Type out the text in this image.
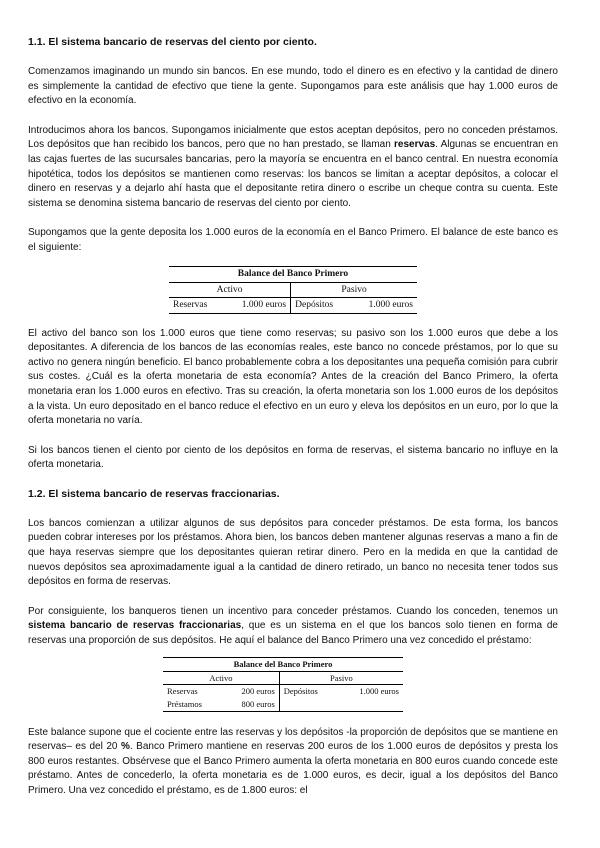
1.1. El sistema bancario de reservas del ciento por ciento.

Comenzamos imaginando un mundo sin bancos. En ese mundo, todo el dinero es en efectivo y la cantidad de dinero es simplemente la cantidad de efectivo que tiene la gente. Supongamos para este análisis que hay 1.000 euros de efectivo en la economía.

Introducimos ahora los bancos. Supongamos inicialmente que estos aceptan depósitos, pero no conceden préstamos. Los depósitos que han recibido los bancos, pero que no han prestado, se llaman reservas. Algunas se encuentran en las cajas fuertes de las sucursales bancarias, pero la mayoría se encuentra en el banco central. En nuestra economía hipotética, todos los depósitos se mantienen como reservas: los bancos se limitan a aceptar depósitos, a colocar el dinero en reservas y a dejarlo ahí hasta que el depositante retira dinero o escribe un cheque contra su cuenta. Este sistema se denomina sistema bancario de reservas del ciento por ciento.

Supongamos que la gente deposita los 1.000 euros de la economía en el Banco Primero. El balance de este banco es el siguiente:

Balance del Banco Primero
Activo		Pasivo	
Reservas	1.000 euros	Depósitos	1.000 euros

El activo del banco son los 1.000 euros que tiene como reservas; su pasivo son los 1.000 euros que debe a los depositantes. A diferencia de los bancos de las economías reales, este banco no concede préstamos, por lo que su activo no genera ningún beneficio. El banco probablemente cobra a los depositantes una pequeña comisión para cubrir sus costes. ¿Cuál es la oferta monetaria de esta economía? Antes de la creación del Banco Primero, la oferta monetaria eran los 1.000 euros en efectivo. Tras su creación, la oferta monetaria son los 1.000 euros de los depósitos a la vista. Un euro depositado en el banco reduce el efectivo en un euro y eleva los depósitos en un euro, por lo que la oferta monetaria no varía.

Si los bancos tienen el ciento por ciento de los depósitos en forma de reservas, el sistema bancario no influye en la oferta monetaria.

1.2. El sistema bancario de reservas fraccionarias.

Los bancos comienzan a utilizar algunos de sus depósitos para conceder préstamos. De esta forma, los bancos pueden cobrar intereses por los préstamos. Ahora bien, los bancos deben mantener algunas reservas a mano a fin de que haya reservas siempre que los depositantes quieran retirar dinero. Pero en la medida en que la cantidad de nuevos depósitos sea aproximadamente igual a la cantidad de dinero retirado, un banco no necesita tener todos sus depósitos en forma de reservas.

Por consiguiente, los banqueros tienen un incentivo para conceder préstamos. Cuando los conceden, tenemos un sistema bancario de reservas fraccionarias, que es un sistema en el que los bancos solo tienen en forma de reservas una proporción de sus depósitos. He aquí el balance del Banco Primero una vez concedido el préstamo:

Balance del Banco Primero
Activo		Pasivo	
Reservas	200 euros	Depósitos	1.000 euros
Préstamos	800 euros		

Este balance supone que el cociente entre las reservas y los depósitos -la proporción de depósitos que se mantiene en reservas– es del 20 %. Banco Primero mantiene en reservas 200 euros de los 1.000 euros de depósitos y presta los 800 euros restantes. Obsérvese que el Banco Primero aumenta la oferta monetaria en 800 euros cuando concede este préstamo. Antes de concederlo, la oferta monetaria es de 1.000 euros, es decir, igual a los depósitos del Banco Primero. Una vez concedido el préstamo, es de 1.800 euros: el
